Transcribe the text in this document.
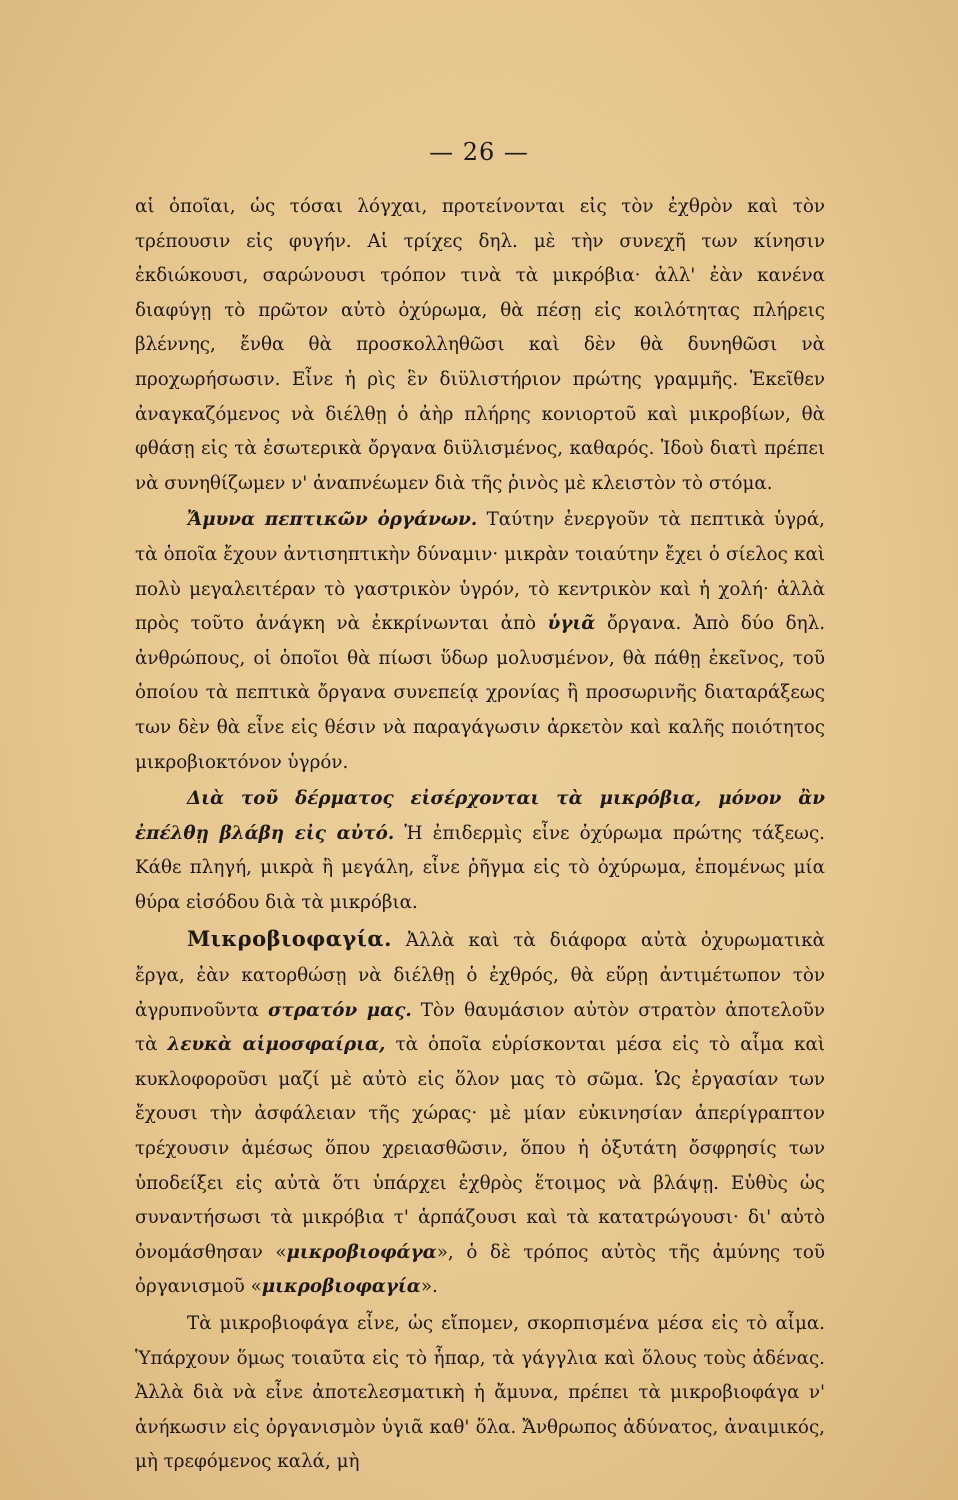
— 26 —

αἱ ὁποῖαι, ὡς τόσαι λόγχαι, προτείνονται εἰς τὸν ἐχθρὸν καὶ τὸν τρέπουσιν εἰς φυγήν. Αἱ τρίχες δηλ. μὲ τὴν συνεχῆ των κίνησιν ἐκδιώκουσι, σαρώνουσι τρόπον τινὰ τὰ μικρόβια· ἀλλ' ἐὰν κανένα διαφύγῃ τὸ πρῶτον αὐτὸ ὀχύρωμα, θὰ πέσῃ εἰς κοιλότητας πλήρεις βλέννης, ἔνθα θὰ προσκολληθῶσι καὶ δὲν θὰ δυνηθῶσι νὰ προχωρήσωσιν. Εἶνε ἡ ρὶς ἓν διϋλιστήριον πρώτης γραμμῆς. Ἐκεῖθεν ἀναγκαζόμενος νὰ διέλθῃ ὁ ἀὴρ πλήρης κονιορτοῦ καὶ μικροβίων, θὰ φθάσῃ εἰς τὰ ἐσωτερικὰ ὄργανα διϋλισμένος, καθαρός. Ἰδοὺ διατὶ πρέπει νὰ συνηθίζωμεν ν' ἀναπνέωμεν διὰ τῆς ῥινὸς μὲ κλειστὸν τὸ στόμα.

Ἄμυνα πεπτικῶν ὀργάνων. Ταύτην ἐνεργοῦν τὰ πεπτικὰ ὑγρά, τὰ ὁποῖα ἔχουν ἀντισηπτικὴν δύναμιν· μικρὰν τοιαύτην ἔχει ὁ σίελος καὶ πολὺ μεγαλειτέραν τὸ γαστρικὸν ὑγρόν, τὸ κεντρικὸν καὶ ἡ χολή· ἀλλὰ πρὸς τοῦτο ἀνάγκη νὰ ἐκκρίνωνται ἀπὸ ὑγιᾶ ὄργανα. Ἀπὸ δύο δηλ. ἀνθρώπους, οἱ ὁποῖοι θὰ πίωσι ὕδωρ μολυσμένον, θὰ πάθῃ ἐκεῖνος, τοῦ ὁποίου τὰ πεπτικὰ ὄργανα συνεπείᾳ χρονίας ἢ προσωρινῆς διαταράξεως των δὲν θὰ εἶνε εἰς θέσιν νὰ παραγάγωσιν ἀρκετὸν καὶ καλῆς ποιότητος μικροβιοκτόνον ὑγρόν.

Διὰ τοῦ δέρματος εἰσέρχονται τὰ μικρόβια, μόνον ἂν ἐπέλθῃ βλάβη εἰς αὐτό. Ἡ ἐπιδερμὶς εἶνε ὀχύρωμα πρώτης τάξεως. Κάθε πληγή, μικρὰ ἢ μεγάλη, εἶνε ῥῆγμα εἰς τὸ ὀχύρωμα, ἑπομένως μία θύρα εἰσόδου διὰ τὰ μικρόβια.

Μικροβιοφαγία. Ἀλλὰ καὶ τὰ διάφορα αὐτὰ ὀχυρωματικὰ ἔργα, ἐὰν κατορθώσῃ νὰ διέλθῃ ὁ ἐχθρός, θὰ εὕρῃ ἀντιμέτωπον τὸν ἀγρυπνοῦντα στρατόν μας. Τὸν θαυμάσιον αὐτὸν στρατὸν ἀποτελοῦν τὰ λευκὰ αἱμοσφαίρια, τὰ ὁποῖα εὑρίσκονται μέσα εἰς τὸ αἷμα καὶ κυκλοφοροῦσι μαζί μὲ αὐτὸ εἰς ὅλον μας τὸ σῶμα. Ὡς ἐργασίαν των ἔχουσι τὴν ἀσφάλειαν τῆς χώρας· μὲ μίαν εὐκινησίαν ἀπερίγραπτον τρέχουσιν ἀμέσως ὅπου χρειασθῶσιν, ὅπου ἡ ὀξυτάτη ὄσφρησίς των ὑποδείξει εἰς αὐτὰ ὅτι ὑπάρχει ἐχθρὸς ἕτοιμος νὰ βλάψῃ. Εὐθὺς ὡς συναντήσωσι τὰ μικρόβια τ' ἁρπάζουσι καὶ τὰ κατατρώγουσι· δι' αὐτὸ ὀνομάσθησαν «μικροβιοφάγα», ὁ δὲ τρόπος αὐτὸς τῆς ἀμύνης τοῦ ὀργανισμοῦ «μικροβιοφαγία».

Τὰ μικροβιοφάγα εἶνε, ὡς εἴπομεν, σκορπισμένα μέσα εἰς τὸ αἷμα. Ὑπάρχουν ὅμως τοιαῦτα εἰς τὸ ἧπαρ, τὰ γάγγλια καὶ ὅλους τοὺς ἀδένας. Ἀλλὰ διὰ νὰ εἶνε ἀποτελεσματικὴ ἡ ἄμυνα, πρέπει τὰ μικροβιοφάγα ν' ἀνήκωσιν εἰς ὀργανισμὸν ὑγιᾶ καθ' ὅλα. Ἄνθρωπος ἀδύνατος, ἀναιμικός, μὴ τρεφόμενος καλά, μὴ
